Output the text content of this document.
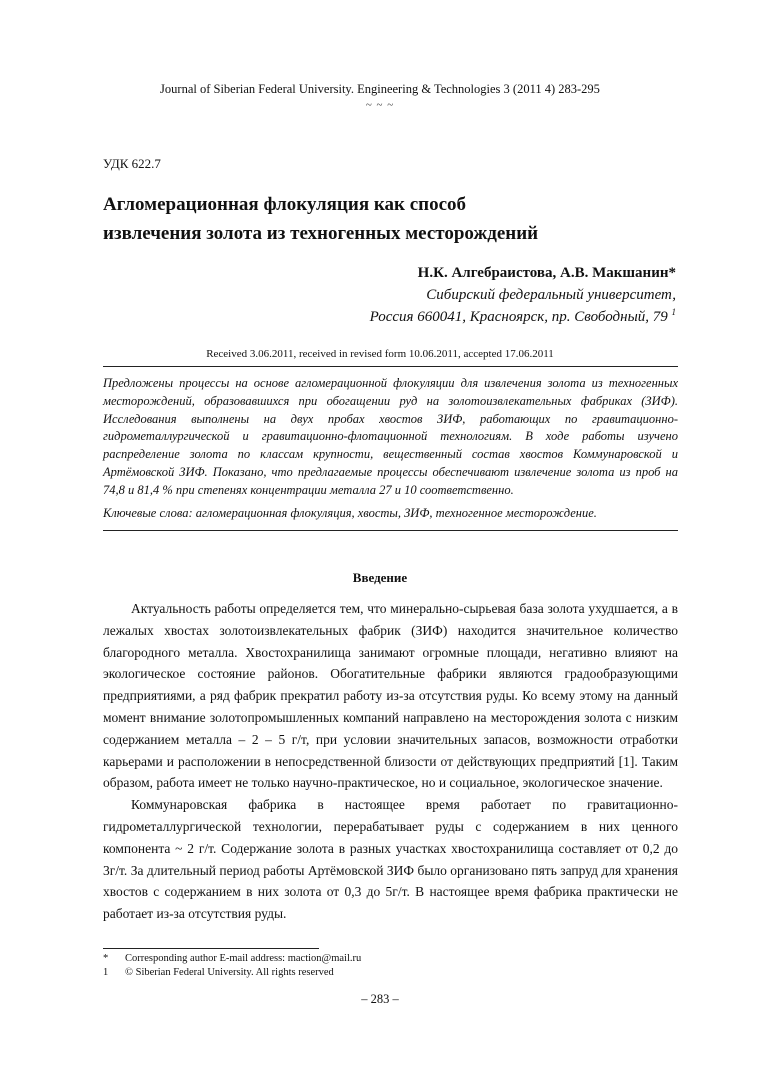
Journal of Siberian Federal University. Engineering & Technologies 3 (2011 4) 283-295
~ ~ ~
УДК 622.7
Агломерационная флокуляция как способ
извлечения золота из техногенных месторождений
Н.К. Алгебраистова, А.В. Макшанин*
Сибирский федеральный университет,
Россия 660041, Красноярск, пр. Свободный, 79 $^1$
Received 3.06.2011, received in revised form 10.06.2011, accepted 17.06.2011

Предложены процессы на основе агломерационной флокуляции для извлечения золота из техногенных месторождений, образовавшихся при обогащении руд на золотоизвлекательных фабриках (ЗИФ). Исследования выполнены на двух пробах хвостов ЗИФ, работающих по гравитационно-гидрометаллургической и гравитационно-флотационной технологиям. В ходе работы изучено распределение золота по классам крупности, вещественный состав хвостов Коммунаровской и Артёмовской ЗИФ. Показано, что предлагаемые процессы обеспечивают извлечение золота из проб на 74,8 и 81,4 % при степенях концентрации металла 27 и 10 соответственно.

Ключевые слова: агломерационная флокуляция, хвосты, ЗИФ, техногенное месторождение.

Введение

Актуальность работы определяется тем, что минерально-сырьевая база золота ухудшается, а в лежалых хвостах золотоизвлекательных фабрик (ЗИФ) находится значительное количество благородного металла. Хвостохранилища занимают огромные площади, негативно влияют на экологическое состояние районов. Обогатительные фабрики являются градообразующими предприятиями, а ряд фабрик прекратил работу из-за отсутствия руды. Ко всему этому на данный момент внимание золотопромышленных компаний направлено на месторождения золота с низким содержанием металла – 2 – 5 г/т, при условии значительных запасов, возможности отработки карьерами и расположении в непосредственной близости от действующих предприятий [1]. Таким образом, работа имеет не только научно-практическое, но и социальное, экологическое значение.

Коммунаровская фабрика в настоящее время работает по гравитационно-гидрометаллургической технологии, перерабатывает руды с содержанием в них ценного компонента ~ 2 г/т. Содержание золота в разных участках хвостохранилища составляет от 0,2 до 3г/т. За длительный период работы Артёмовской ЗИФ было организовано пять запруд для хранения хвостов с содержанием в них золота от 0,3 до 5г/т. В настоящее время фабрика практически не работает из-за отсутствия руды.

*	Corresponding author E-mail address: maction@mail.ru
1	© Siberian Federal University. All rights reserved
– 283 –
